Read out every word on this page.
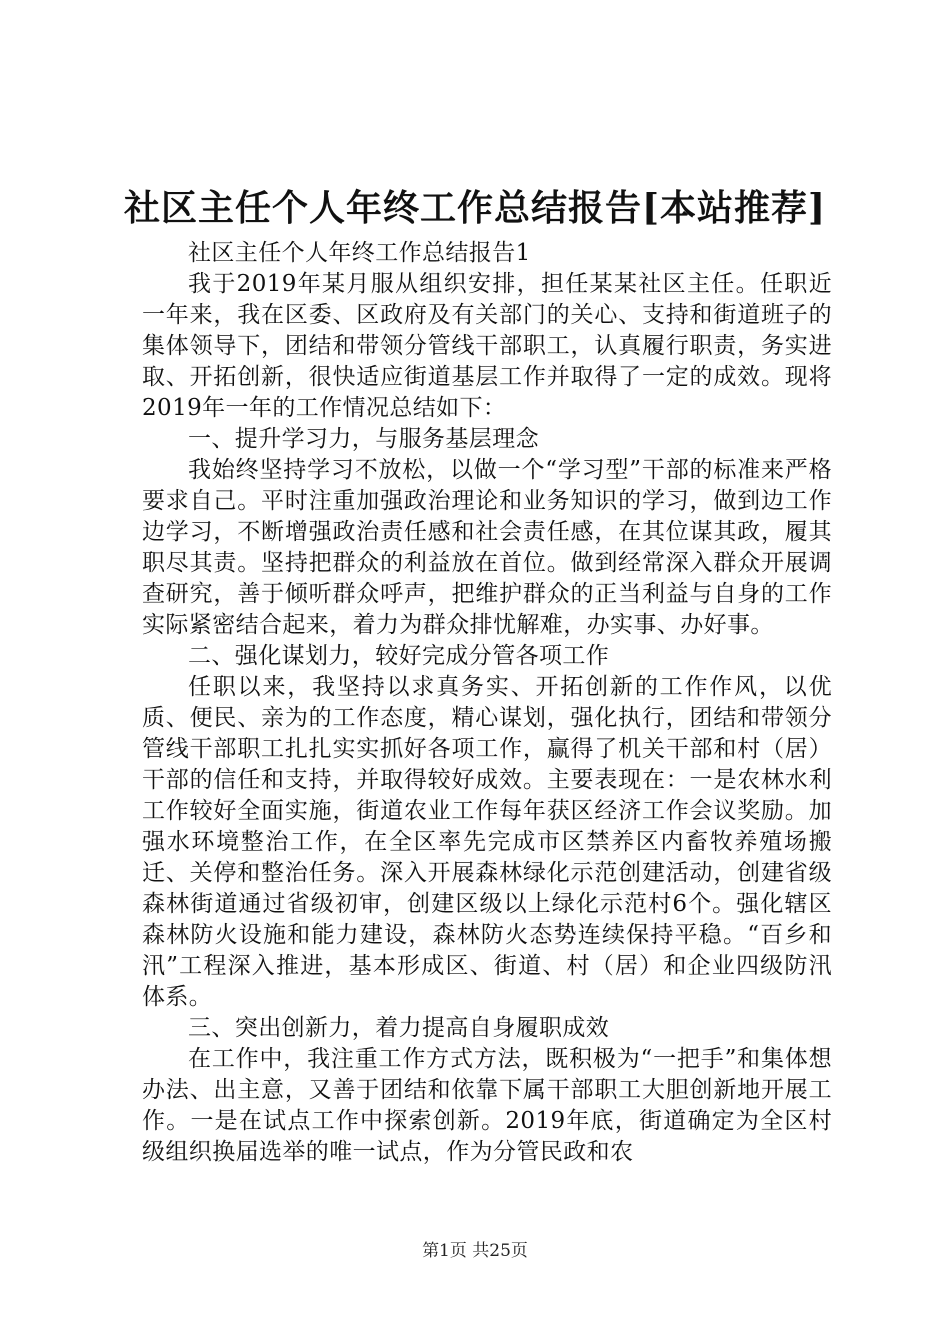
社区主任个人年终工作总结报告[本站推荐]

社区主任个人年终工作总结报告1

我于2019年某月服从组织安排，担任某某社区主任。任职近一年来，我在区委、区政府及有关部门的关心、支持和街道班子的集体领导下，团结和带领分管线干部职工，认真履行职责，务实进取、开拓创新，很快适应街道基层工作并取得了一定的成效。现将2019年一年的工作情况总结如下：

一、提升学习力，与服务基层理念

我始终坚持学习不放松，以做一个“学习型”干部的标准来严格要求自己。平时注重加强政治理论和业务知识的学习，做到边工作边学习，不断增强政治责任感和社会责任感，在其位谋其政，履其职尽其责。坚持把群众的利益放在首位。做到经常深入群众开展调查研究，善于倾听群众呼声，把维护群众的正当利益与自身的工作实际紧密结合起来，着力为群众排忧解难，办实事、办好事。

二、强化谋划力，较好完成分管各项工作

任职以来，我坚持以求真务实、开拓创新的工作作风，以优质、便民、亲为的工作态度，精心谋划，强化执行，团结和带领分管线干部职工扎扎实实抓好各项工作，赢得了机关干部和村（居）干部的信任和支持，并取得较好成效。主要表现在：一是农林水利工作较好全面实施，街道农业工作每年获区经济工作会议奖励。加强水环境整治工作，在全区率先完成市区禁养区内畜牧养殖场搬迁、关停和整治任务。深入开展森林绿化示范创建活动，创建省级森林街道通过省级初审，创建区级以上绿化示范村6个。强化辖区森林防火设施和能力建设，森林防火态势连续保持平稳。“百乡和汛”工程深入推进，基本形成区、街道、村（居）和企业四级防汛体系。

三、突出创新力，着力提高自身履职成效

在工作中，我注重工作方式方法，既积极为“一把手”和集体想办法、出主意，又善于团结和依靠下属干部职工大胆创新地开展工作。一是在试点工作中探索创新。2019年底，街道确定为全区村级组织换届选举的唯一试点，作为分管民政和农

第1页 共25页
